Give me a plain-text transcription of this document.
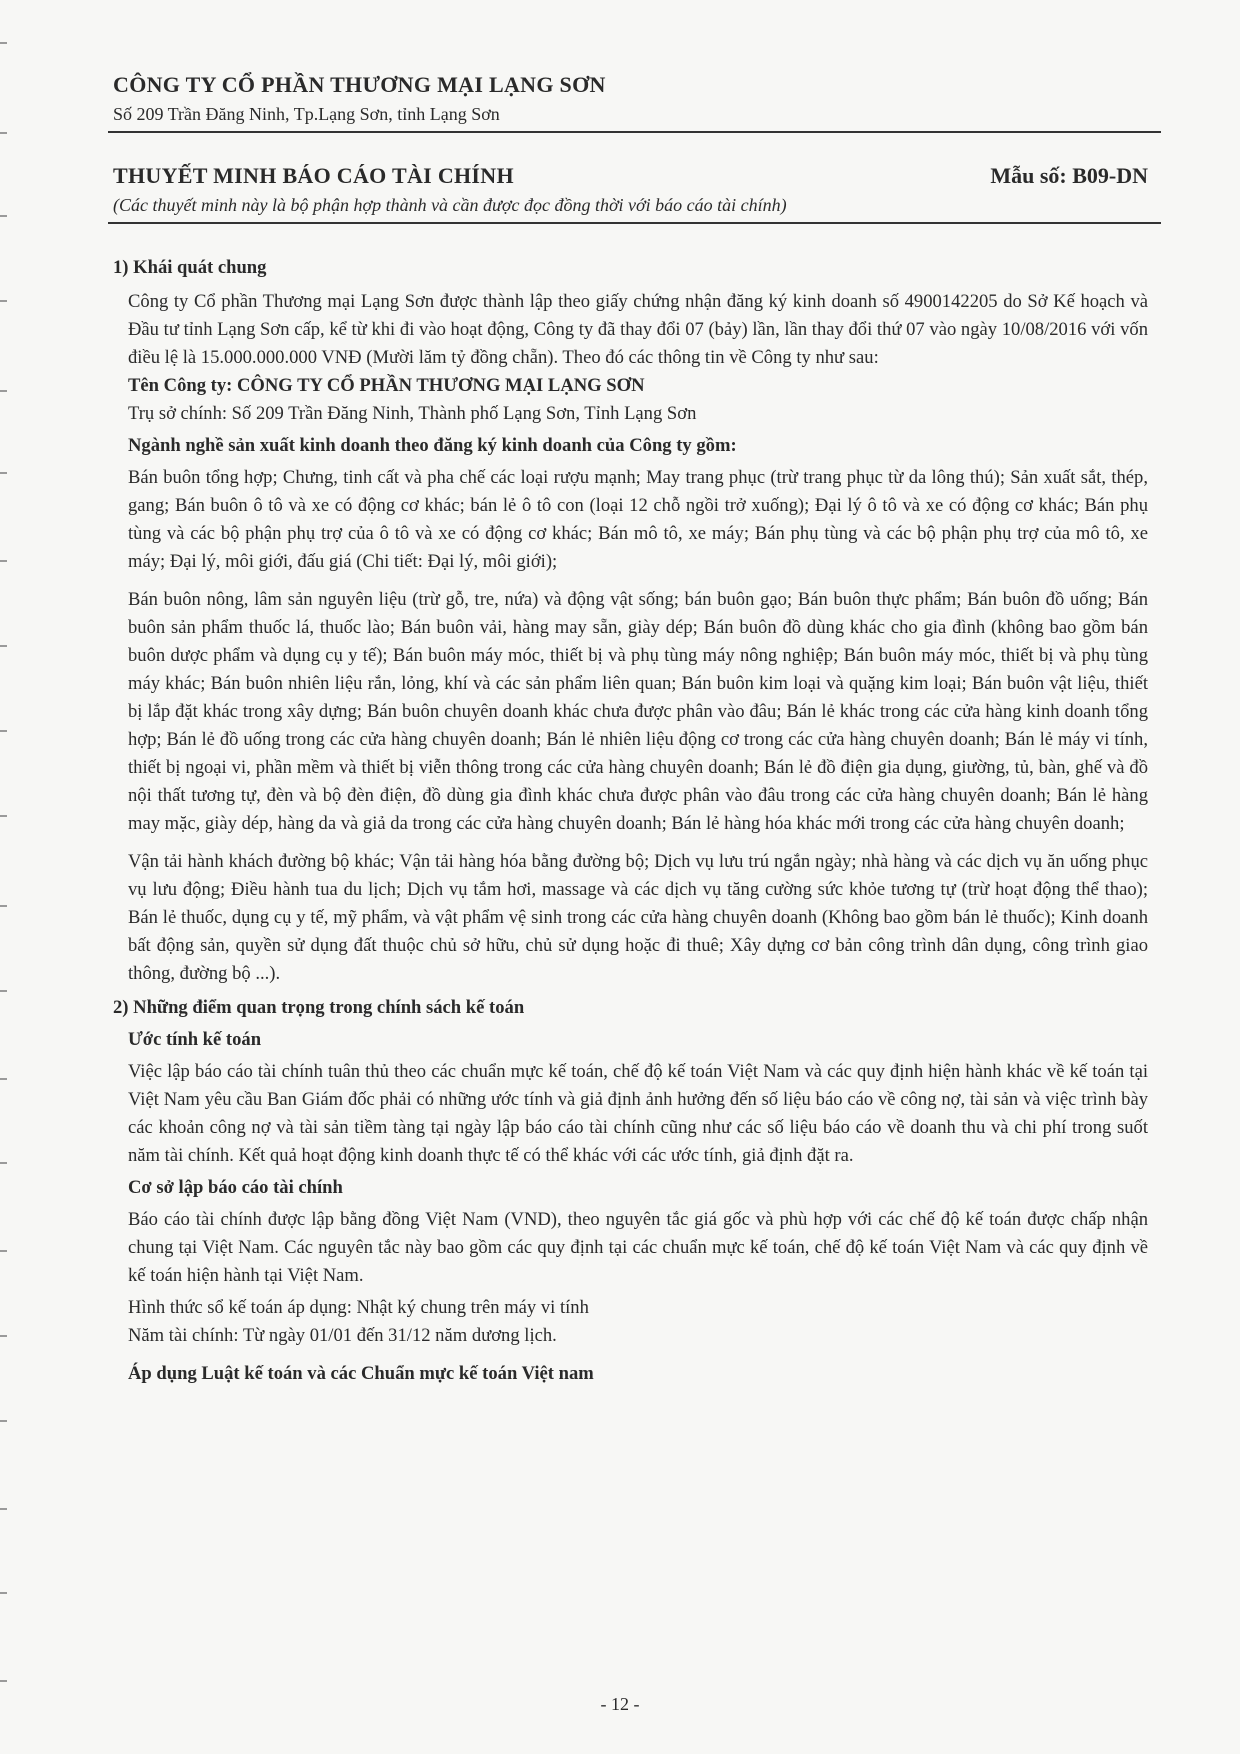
CÔNG TY CỔ PHẦN THƯƠNG MẠI LẠNG SƠN
Số 209 Trần Đăng Ninh, Tp.Lạng Sơn, tỉnh Lạng Sơn
THUYẾT MINH BÁO CÁO TÀI CHÍNH	Mẫu số: B09-DN
(Các thuyết minh này là bộ phận hợp thành và cần được đọc đồng thời với báo cáo tài chính)

1) Khái quát chung

Công ty Cổ phần Thương mại Lạng Sơn được thành lập theo giấy chứng nhận đăng ký kinh doanh số 4900142205 do Sở Kế hoạch và Đầu tư tỉnh Lạng Sơn cấp, kể từ khi đi vào hoạt động, Công ty đã thay đổi 07 (bảy) lần, lần thay đổi thứ 07 vào ngày 10/08/2016 với vốn điều lệ là 15.000.000.000 VNĐ (Mười lăm tỷ đồng chẵn). Theo đó các thông tin về Công ty như sau:

Tên Công ty: CÔNG TY CỔ PHẦN THƯƠNG MẠI LẠNG SƠN

Trụ sở chính: Số 209 Trần Đăng Ninh, Thành phố Lạng Sơn, Tỉnh Lạng Sơn

Ngành nghề sản xuất kinh doanh theo đăng ký kinh doanh của Công ty gồm:

Bán buôn tổng hợp; Chưng, tinh cất và pha chế các loại rượu mạnh; May trang phục (trừ trang phục từ da lông thú); Sản xuất sắt, thép, gang; Bán buôn ô tô và xe có động cơ khác; bán lẻ ô tô con (loại 12 chỗ ngồi trở xuống); Đại lý ô tô và xe có động cơ khác; Bán phụ tùng và các bộ phận phụ trợ của ô tô và xe có động cơ khác; Bán mô tô, xe máy; Bán phụ tùng và các bộ phận phụ trợ của mô tô, xe máy; Đại lý, môi giới, đấu giá (Chi tiết: Đại lý, môi giới);

Bán buôn nông, lâm sản nguyên liệu (trừ gỗ, tre, nứa) và động vật sống; bán buôn gạo; Bán buôn thực phẩm; Bán buôn đồ uống; Bán buôn sản phẩm thuốc lá, thuốc lào; Bán buôn vải, hàng may sẵn, giày dép; Bán buôn đồ dùng khác cho gia đình (không bao gồm bán buôn dược phẩm và dụng cụ y tế); Bán buôn máy móc, thiết bị và phụ tùng máy nông nghiệp; Bán buôn máy móc, thiết bị và phụ tùng máy khác; Bán buôn nhiên liệu rắn, lỏng, khí và các sản phẩm liên quan; Bán buôn kim loại và quặng kim loại; Bán buôn vật liệu, thiết bị lắp đặt khác trong xây dựng; Bán buôn chuyên doanh khác chưa được phân vào đâu; Bán lẻ khác trong các cửa hàng kinh doanh tổng hợp; Bán lẻ đồ uống trong các cửa hàng chuyên doanh; Bán lẻ nhiên liệu động cơ trong các cửa hàng chuyên doanh; Bán lẻ máy vi tính, thiết bị ngoại vi, phần mềm và thiết bị viễn thông trong các cửa hàng chuyên doanh; Bán lẻ đồ điện gia dụng, giường, tủ, bàn, ghế và đồ nội thất tương tự, đèn và bộ đèn điện, đồ dùng gia đình khác chưa được phân vào đâu trong các cửa hàng chuyên doanh; Bán lẻ hàng may mặc, giày dép, hàng da và giả da trong các cửa hàng chuyên doanh; Bán lẻ hàng hóa khác mới trong các cửa hàng chuyên doanh;

Vận tải hành khách đường bộ khác; Vận tải hàng hóa bằng đường bộ; Dịch vụ lưu trú ngắn ngày; nhà hàng và các dịch vụ ăn uống phục vụ lưu động; Điều hành tua du lịch; Dịch vụ tắm hơi, massage và các dịch vụ tăng cường sức khỏe tương tự (trừ hoạt động thể thao); Bán lẻ thuốc, dụng cụ y tế, mỹ phẩm, và vật phẩm vệ sinh trong các cửa hàng chuyên doanh (Không bao gồm bán lẻ thuốc); Kinh doanh bất động sản, quyền sử dụng đất thuộc chủ sở hữu, chủ sử dụng hoặc đi thuê; Xây dựng cơ bản công trình dân dụng, công trình giao thông, đường bộ ...).

2) Những điểm quan trọng trong chính sách kế toán

Ước tính kế toán

Việc lập báo cáo tài chính tuân thủ theo các chuẩn mực kế toán, chế độ kế toán Việt Nam và các quy định hiện hành khác về kế toán tại Việt Nam yêu cầu Ban Giám đốc phải có những ước tính và giả định ảnh hưởng đến số liệu báo cáo về công nợ, tài sản và việc trình bày các khoản công nợ và tài sản tiềm tàng tại ngày lập báo cáo tài chính cũng như các số liệu báo cáo về doanh thu và chi phí trong suốt năm tài chính. Kết quả hoạt động kinh doanh thực tế có thể khác với các ước tính, giả định đặt ra.

Cơ sở lập báo cáo tài chính

Báo cáo tài chính được lập bằng đồng Việt Nam (VND), theo nguyên tắc giá gốc và phù hợp với các chế độ kế toán được chấp nhận chung tại Việt Nam. Các nguyên tắc này bao gồm các quy định tại các chuẩn mực kế toán, chế độ kế toán Việt Nam và các quy định về kế toán hiện hành tại Việt Nam.

Hình thức sổ kế toán áp dụng: Nhật ký chung trên máy vi tính

Năm tài chính: Từ ngày 01/01 đến 31/12 năm dương lịch.

Áp dụng Luật kế toán và các Chuẩn mực kế toán Việt nam

- 12 -
